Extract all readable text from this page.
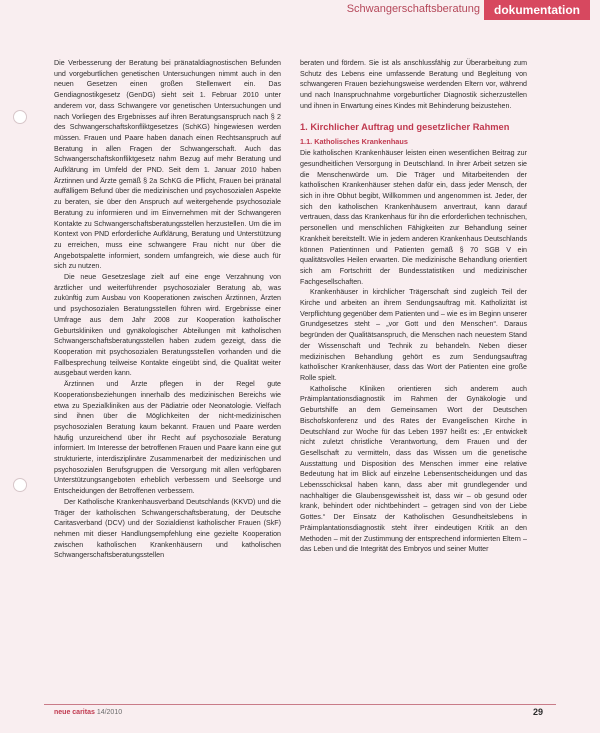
Schwangerschaftsberatung	dokumentation

Die Verbesserung der Beratung bei pränataldiagnostischen Befunden und vorgeburtlichen genetischen Untersuchungen nimmt auch in den neuen Gesetzen einen großen Stellenwert ein. Das Gendiagnostikgesetz (GenDG) sieht seit 1. Februar 2010 unter anderem vor, dass Schwangere vor genetischen Untersuchungen und nach Vorliegen des Ergebnisses auf ihren Beratungsanspruch nach § 2 des Schwangerschaftskonfliktgesetzes (SchKG) hingewiesen werden müssen. Frauen und Paare haben danach einen Rechtsanspruch auf Beratung in allen Fragen der Schwangerschaft. Auch das Schwangerschaftskonfliktgesetz nahm Bezug auf mehr Beratung und Aufklärung im Umfeld der PND. Seit dem 1. Januar 2010 haben Ärztinnen und Ärzte gemäß § 2a SchKG die Pflicht, Frauen bei pränatal auffälligem Befund über die medizinischen und psychosozialen Aspekte zu beraten, sie über den Anspruch auf weitergehende psychosoziale Beratung zu informieren und im Einvernehmen mit der Schwangeren Kontakte zu Schwangerschaftsberatungsstellen herzustellen. Um die im Kontext von PND erforderliche Aufklärung, Beratung und Unterstützung zu erreichen, muss eine schwangere Frau nicht nur über die Angebotspalette informiert, sondern umfangreich, wie diese auch für sich zu nutzen.

Die neue Gesetzeslage zielt auf eine enge Verzahnung von ärztlicher und weiterführender psychosozialer Beratung ab, was zukünftig zum Ausbau von Kooperationen zwischen Ärztinnen, Ärzten und psychosozialen Beratungsstellen führen wird. Ergebnisse einer Umfrage aus dem Jahr 2008 zur Kooperation katholischer Geburtskliniken und gynäkologischer Abteilungen mit katholischen Schwangerschaftsberatungsstellen haben zudem gezeigt, dass die Kooperation mit psychosozialen Beratungsstellen vorhanden und die Fallbesprechung teilweise Kontakte eingeübt sind, die Qualität weiter ausgebaut werden kann.

Ärztinnen und Ärzte pflegen in der Regel gute Kooperationsbeziehungen innerhalb des medizinischen Bereichs wie etwa zu Spezialkliniken aus der Pädiatrie oder Neonatologie. Vielfach sind ihnen über die Möglichkeiten der nicht-medizinischen psychosozialen Beratung kaum bekannt. Frauen und Paare werden häufig unzureichend über ihr Recht auf psychosoziale Beratung informiert. Im Interesse der betroffenen Frauen und Paare kann eine gut strukturierte, interdisziplinäre Zusammenarbeit der medizinischen und psychosozialen Berufsgruppen die Versorgung mit allen verfügbaren Unterstützungsangeboten erheblich verbessern und Seelsorge und Entscheidungen der Betroffenen verbessern.

Der Katholische Krankenhausverband Deutschlands (KKVD) und die Träger der katholischen Schwangerschaftsberatung, der Deutsche Caritasverband (DCV) und der Sozialdienst katholischer Frauen (SkF) nehmen mit dieser Handlungsempfehlung eine gezielte Kooperation zwischen katholischen Krankenhäusern und katholischen Schwangerschaftsberatungsstellen

beraten und fördern. Sie ist als anschlussfähig zur Überarbeitung zum Schutz des Lebens eine umfassende Beratung und Begleitung von schwangeren Frauen beziehungsweise werdenden Eltern vor, während und nach Inanspruchnahme vorgeburtlicher Diagnostik sicherzustellen und ihnen in Erwartung eines Kindes mit Behinderung beizustehen.

1. Kirchlicher Auftrag und gesetzlicher Rahmen
1.1. Katholisches Krankenhaus

Die katholischen Krankenhäuser leisten einen wesentlichen Beitrag zur gesundheitlichen Versorgung in Deutschland. In ihrer Arbeit setzen sie die Menschenwürde um. Die Träger und Mitarbeitenden der katholischen Krankenhäuser stehen dafür ein, dass jeder Mensch, der sich in ihre Obhut begibt, Willkommen und angenommen ist. Jeder, der sich den katholischen Krankenhäusern anvertraut, kann darauf vertrauen, dass das Krankenhaus für ihn die erforderlichen technischen, personellen und menschlichen Fähigkeiten zur Behandlung seiner Krankheit bereitstellt. Wie in jedem anderen Krankenhaus Deutschlands können Patientinnen und Patienten gemäß § 70 SGB V ein qualitätsvolles Heilen erwarten. Die medizinische Behandlung orientiert sich am Fortschritt der Bundesstatistiken und medizinischer Fachgesellschaften.

Krankenhäuser in kirchlicher Trägerschaft sind zugleich Teil der Kirche und arbeiten an ihrem Sendungsauftrag mit. Katholizität ist Verpflichtung gegenüber dem Patienten und – wie es im Beginn unserer Grundgesetzes steht – „vor Gott und den Menschen“. Daraus begründen der Qualitätsanspruch, die Menschen nach neuestem Stand der Wissenschaft und Technik zu behandeln. Neben dieser medizinischen Behandlung gehört es zum Sendungsauftrag katholischer Krankenhäuser, dass das Wort der Patienten eine große Rolle spielt.

Katholische Kliniken orientieren sich anderem auch Präimplantationsdiagnostik im Rahmen der Gynäkologie und Geburtshilfe an dem Gemeinsamen Wort der Deutschen Bischofskonferenz und des Rates der Evangelischen Kirche in Deutschland zur Woche für das Leben 1997 heißt es: „Er entwickelt nicht zuletzt christliche Verantwortung, dem Frauen und der Gesellschaft zu vermitteln, dass das Wissen um die genetische Ausstattung und Disposition des Menschen immer eine relative Bedeutung hat im Blick auf einzelne Lebensentscheidungen und das Lebensschicksal haben kann, dass aber mit grundlegender und nachhaltiger die Glaubensgewissheit ist, dass wir – ob gesund oder krank, behindert oder nichtbehindert – getragen sind von der Liebe Gottes.“ Der Einsatz der Katholischen Gesundheitslebens in Präimplantationsdiagnostik steht ihrer eindeutigen Kritik an den Methoden – mit der Zustimmung der entsprechend informierten Eltern – das Leben und die Integrität des Embryos und seiner Mutter

neue caritas 14/2010	29
